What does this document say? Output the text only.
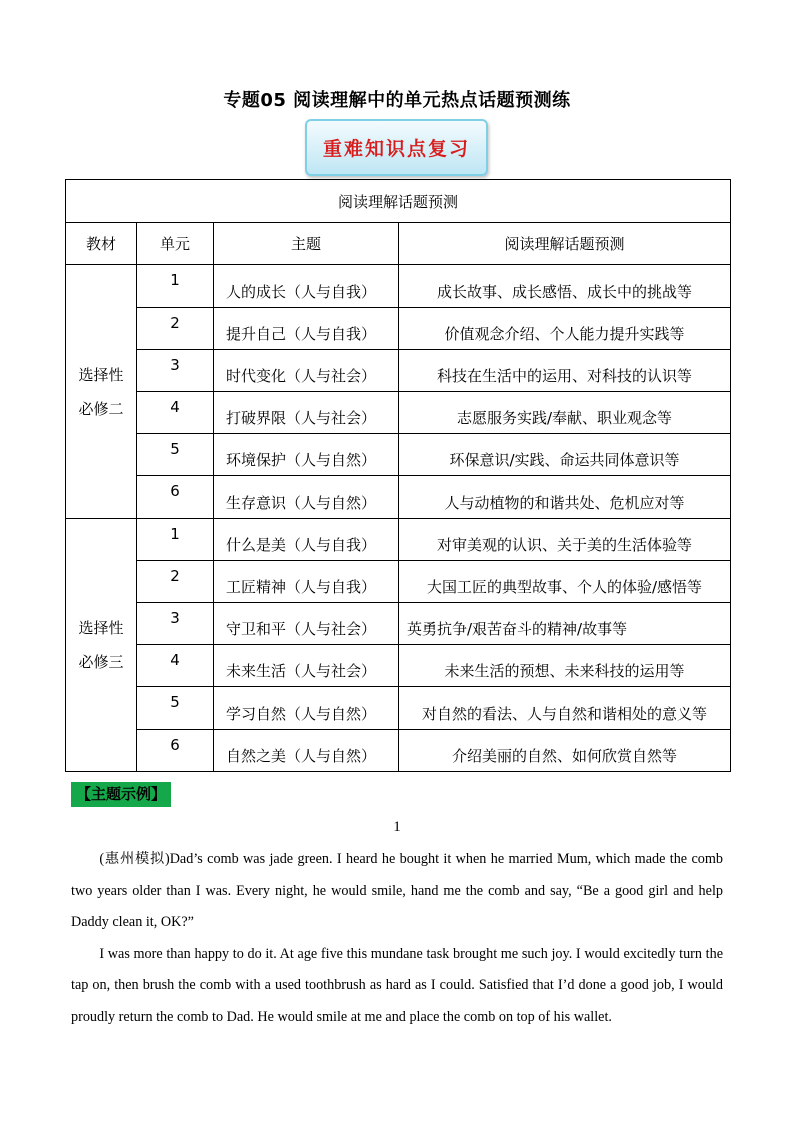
专题05 阅读理解中的单元热点话题预测练
重难知识点复习
阅读理解话题预测			
教材	单元	主题	阅读理解话题预测
选择性
必修二	1	人的成长（人与自我）	成长故事、成长感悟、成长中的挑战等
	2	提升自己（人与自我）	价值观念介绍、个人能力提升实践等
	3	时代变化（人与社会）	科技在生活中的运用、对科技的认识等
	4	打破界限（人与社会）	志愿服务实践/奉献、职业观念等
	5	环境保护（人与自然）	环保意识/实践、命运共同体意识等
	6	生存意识（人与自然）	人与动植物的和谐共处、危机应对等
选择性
必修三	1	什么是美（人与自我）	对审美观的认识、关于美的生活体验等
	2	工匠精神（人与自我）	大国工匠的典型故事、个人的体验/感悟等
	3	守卫和平（人与社会）	英勇抗争/艰苦奋斗的精神/故事等
	4	未来生活（人与社会）	未来生活的预想、未来科技的运用等
	5	学习自然（人与自然）	对自然的看法、人与自然和谐相处的意义等
	6	自然之美（人与自然）	介绍美丽的自然、如何欣赏自然等
【主题示例】
1

(惠州模拟)Dad’s comb was jade green. I heard he bought it when he married Mum, which made the comb two years older than I was. Every night, he would smile, hand me the comb and say, “Be a good girl and help Daddy clean it, OK?”

I was more than happy to do it. At age five this mundane task brought me such joy. I would excitedly turn the tap on, then brush the comb with a used toothbrush as hard as I could. Satisfied that I’d done a good job, I would proudly return the comb to Dad. He would smile at me and place the comb on top of his wallet.
